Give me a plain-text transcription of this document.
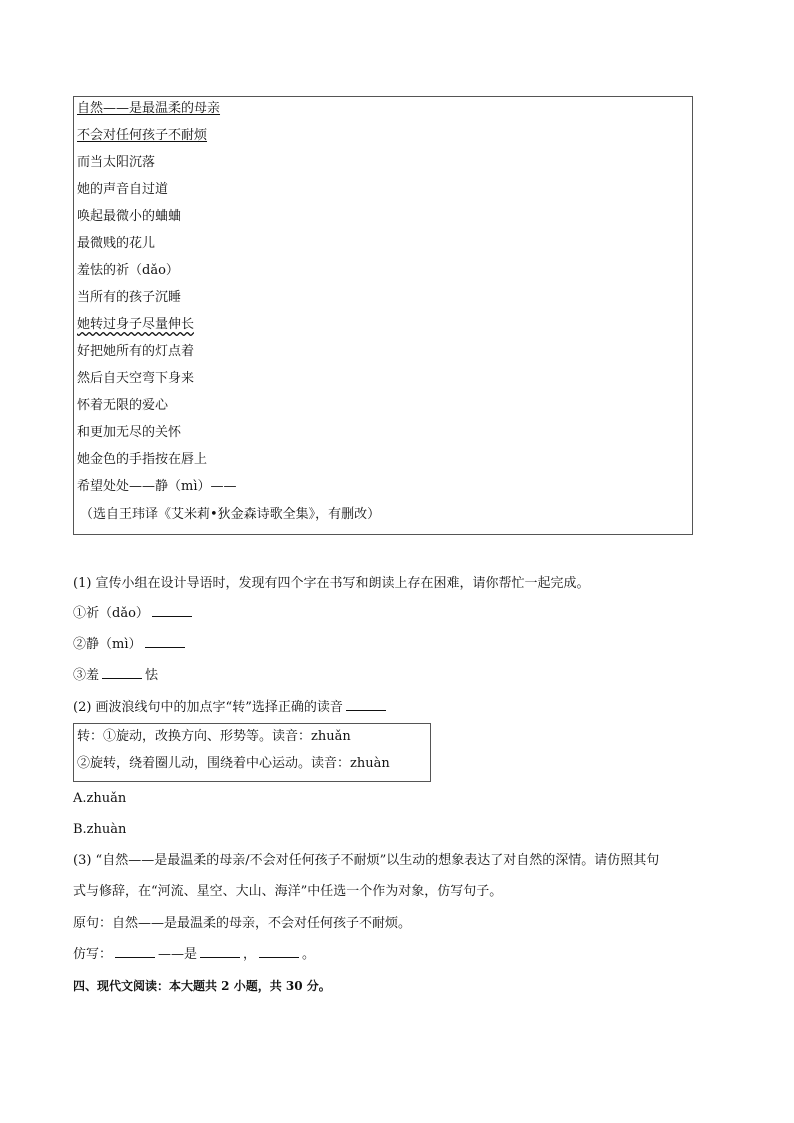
自然——是最温柔的母亲
不会对任何孩子不耐烦
而当太阳沉落
她的声音自过道
唤起最微小的蛐蛐
最微贱的花儿
羞怯的祈（dǎo）
当所有的孩子沉睡
她转过身子尽量伸长
好把她所有的灯点着
然后自天空弯下身来
怀着无限的爱心
和更加无尽的关怀
她金色的手指按在唇上
希望处处——静（mì）——
（选自王玮译《艾米莉•狄金森诗歌全集》，有删改）
(1) 宣传小组在设计导语时，发现有四个字在书写和朗读上存在困难，请你帮忙一起完成。
①祈（dǎo）
②静（mì）
③羞	怯
(2) 画波浪线句中的加点字“转”选择正确的读音
转：①旋动，改换方向、形势等。读音：zhuǎn
②旋转，绕着圈儿动，围绕着中心运动。读音：zhuàn
A.zhuǎn
B.zhuàn
(3) “自然——是最温柔的母亲/不会对任何孩子不耐烦”以生动的想象表达了对自然的深情。请仿照其句
式与修辞，在“河流、星空、大山、海洋”中任选一个作为对象，仿写句子。
原句：自然——是最温柔的母亲，不会对任何孩子不耐烦。
仿写：	——是	，	。
四、现代文阅读：本大题共 2 小题，共 30 分。
